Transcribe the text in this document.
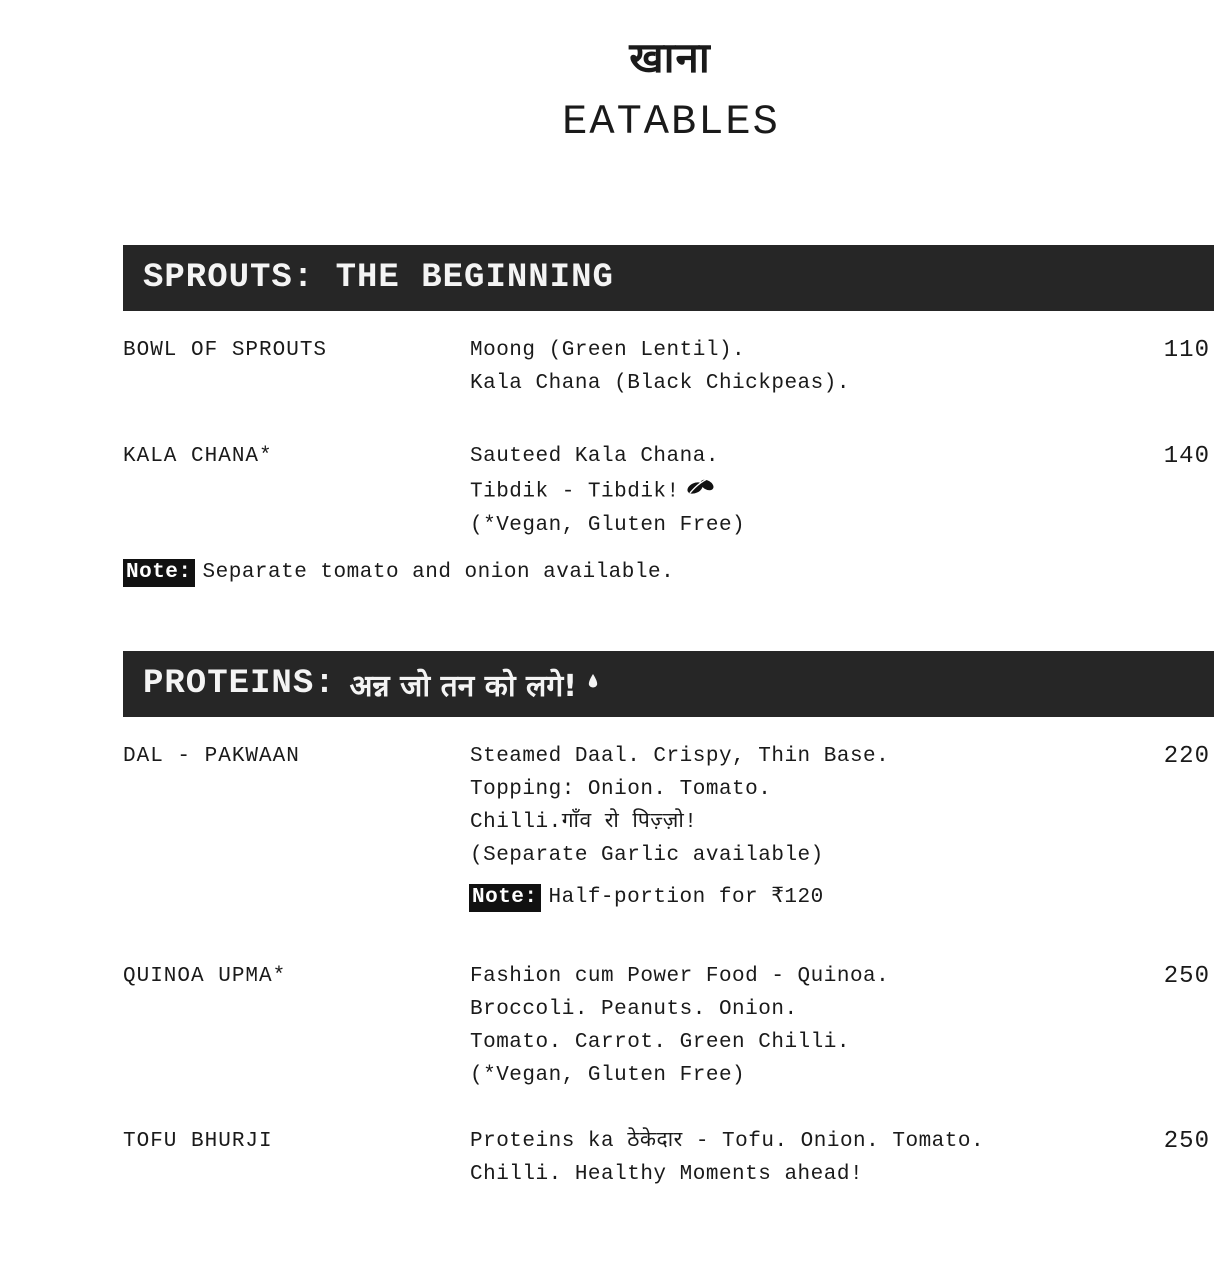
खाना
EATABLES
SPROUTS: THE BEGINNING
BOWL OF SPROUTS	Moong (Green Lentil).
Kala Chana (Black Chickpeas).
110
KALA CHANA*	Sauteed Kala Chana.
Tibdik - Tibdik!
(*Vegan, Gluten Free)
140
Note: Separate tomato and onion available.
PROTEINS: अन्न जो तन को लगे!
DAL - PAKWAAN	Steamed Daal. Crispy, Thin Base.
Topping: Onion. Tomato.
Chilli.गाँव रो पिज़्ज़ो!
(Separate Garlic available)
220
Note: Half-portion for ₹120
QUINOA UPMA*	Fashion cum Power Food - Quinoa.
Broccoli. Peanuts. Onion.
Tomato. Carrot. Green Chilli.
(*Vegan, Gluten Free)
250
TOFU BHURJI	Proteins ka ठेकेदार - Tofu. Onion. Tomato.
Chilli. Healthy Moments ahead!
250
